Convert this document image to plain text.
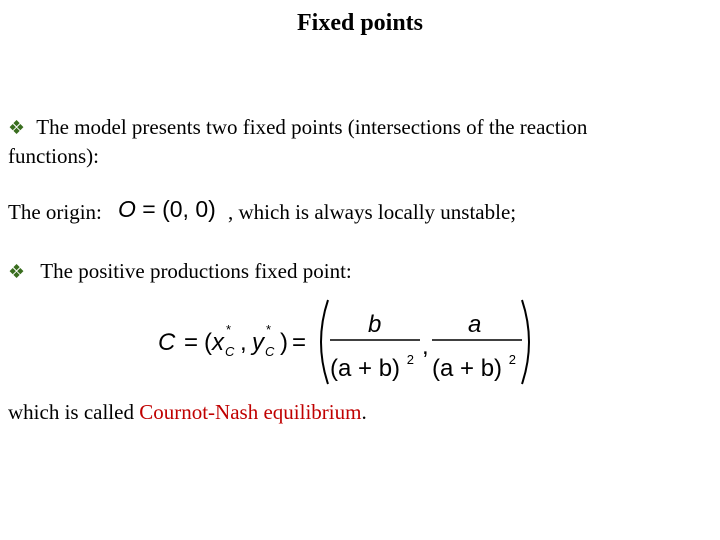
Fixed points
❖ The model presents two fixed points (intersections of the reaction
functions):
The origin: O = (0, 0) , which is always locally unstable;
❖ The positive productions fixed point:
C = ( x *
C , y *
C ) =
b
(a + b) $^2$ ,
a
(a + b) $^2$
which is called Cournot-Nash equilibrium.
